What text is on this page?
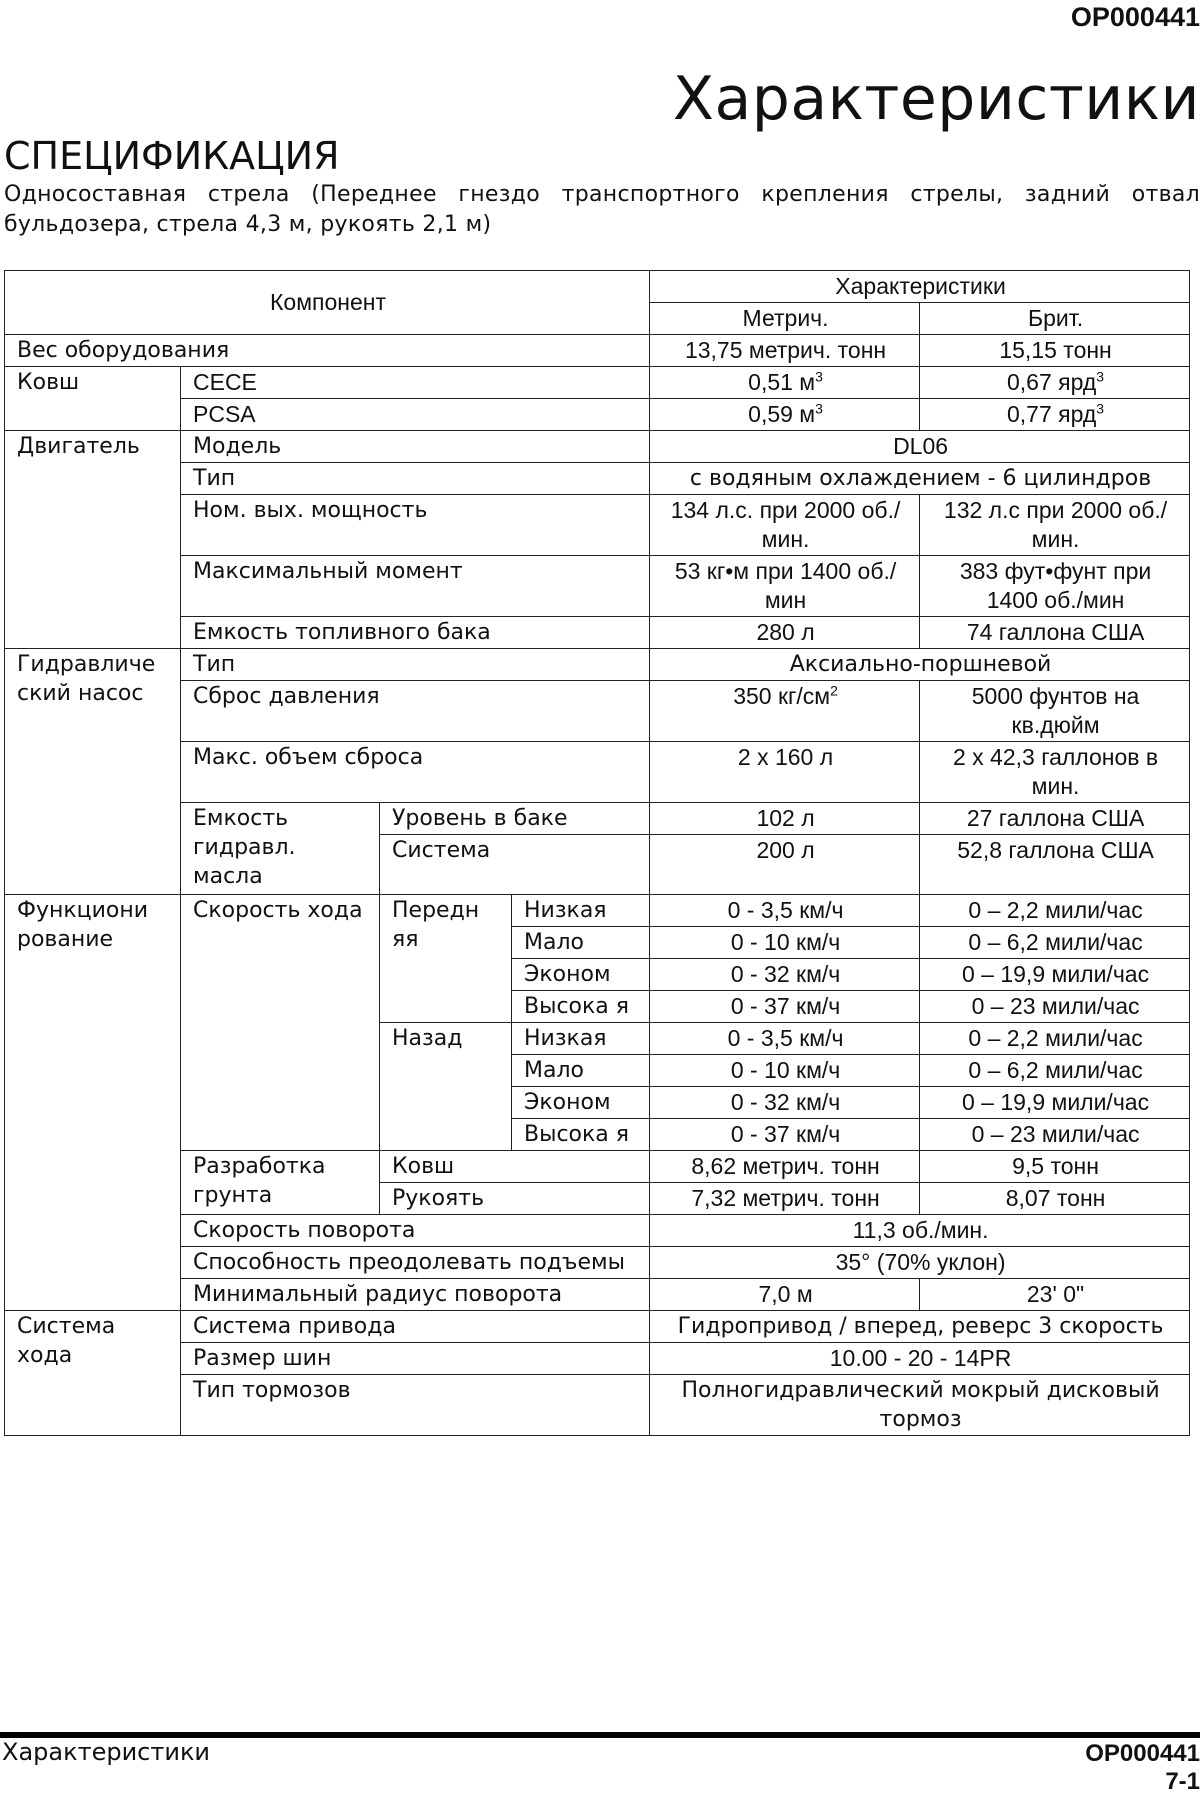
OP000441
Характеристики
СПЕЦИФИКАЦИЯ
Односоставная стрела (Переднее гнездо транспортного крепления стрелы, задний отвал бульдозера, стрела 4,3 м, рукоять 2,1 м)
Компонент				Характеристики	
				Метрич.	Брит.
Вес оборудования				13,75 метрич. тонн	15,15 тонн
Ковш	CECE			0,51 $м^3$	0,67 ярд$^3$
	PCSA			0,59 $м^3$	0,77 ярд$^3$
Двигатель	Модель			DL06	
	Тип			с водяным охлаждением - 6 цилиндров	
	Ном. вых. мощность			134 л.с. при 2000 об./мин.	132 л.с при 2000 об./мин.
	Максимальный момент			53 кг•м при 1400 об./мин	383 фут•фунт при 1400 об./мин
	Емкость топливного бака			280 л	74 галлона США
Гидравличе ский насос	Тип			Аксиально-поршневой	
	Сброс давления			350 $кг/см^2$	5000 фунтов на кв.дюйм
	Макс. объем сброса			2 x 160 л	2 x 42,3 галлонов в мин.
	Емкость гидравл. масла	Уровень в баке		102 л	27 галлона США
		Система		200 л	52,8 галлона США
Функциони рование	Скорость хода	Передн яя	Низкая	0 - 3,5 км/ч	0 – 2,2 мили/час
			Мало	0 - 10 км/ч	0 – 6,2 мили/час
			Эконом	0 - 32 км/ч	0 – 19,9 мили/час
			Высока я	0 - 37 км/ч	0 – 23 мили/час
		Назад	Низкая	0 - 3,5 км/ч	0 – 2,2 мили/час
			Мало	0 - 10 км/ч	0 – 6,2 мили/час
			Эконом	0 - 32 км/ч	0 – 19,9 мили/час
			Высока я	0 - 37 км/ч	0 – 23 мили/час
	Разработка грунта	Ковш		8,62 метрич. тонн	9,5 тонн
		Рукоять		7,32 метрич. тонн	8,07 тонн
	Скорость поворота			11,3 об./мин.	
	Способность преодолевать подъемы			35° (70% уклон)	
	Минимальный радиус поворота			7,0 м	23' 0"
Система хода	Система привода			Гидропривод / вперед, реверс 3 скорость	
	Размер шин			10.00 - 20 - 14PR	
	Тип тормозов			Полногидравлический мокрый дисковый тормоз	
Характеристики	OP000441
7-1
